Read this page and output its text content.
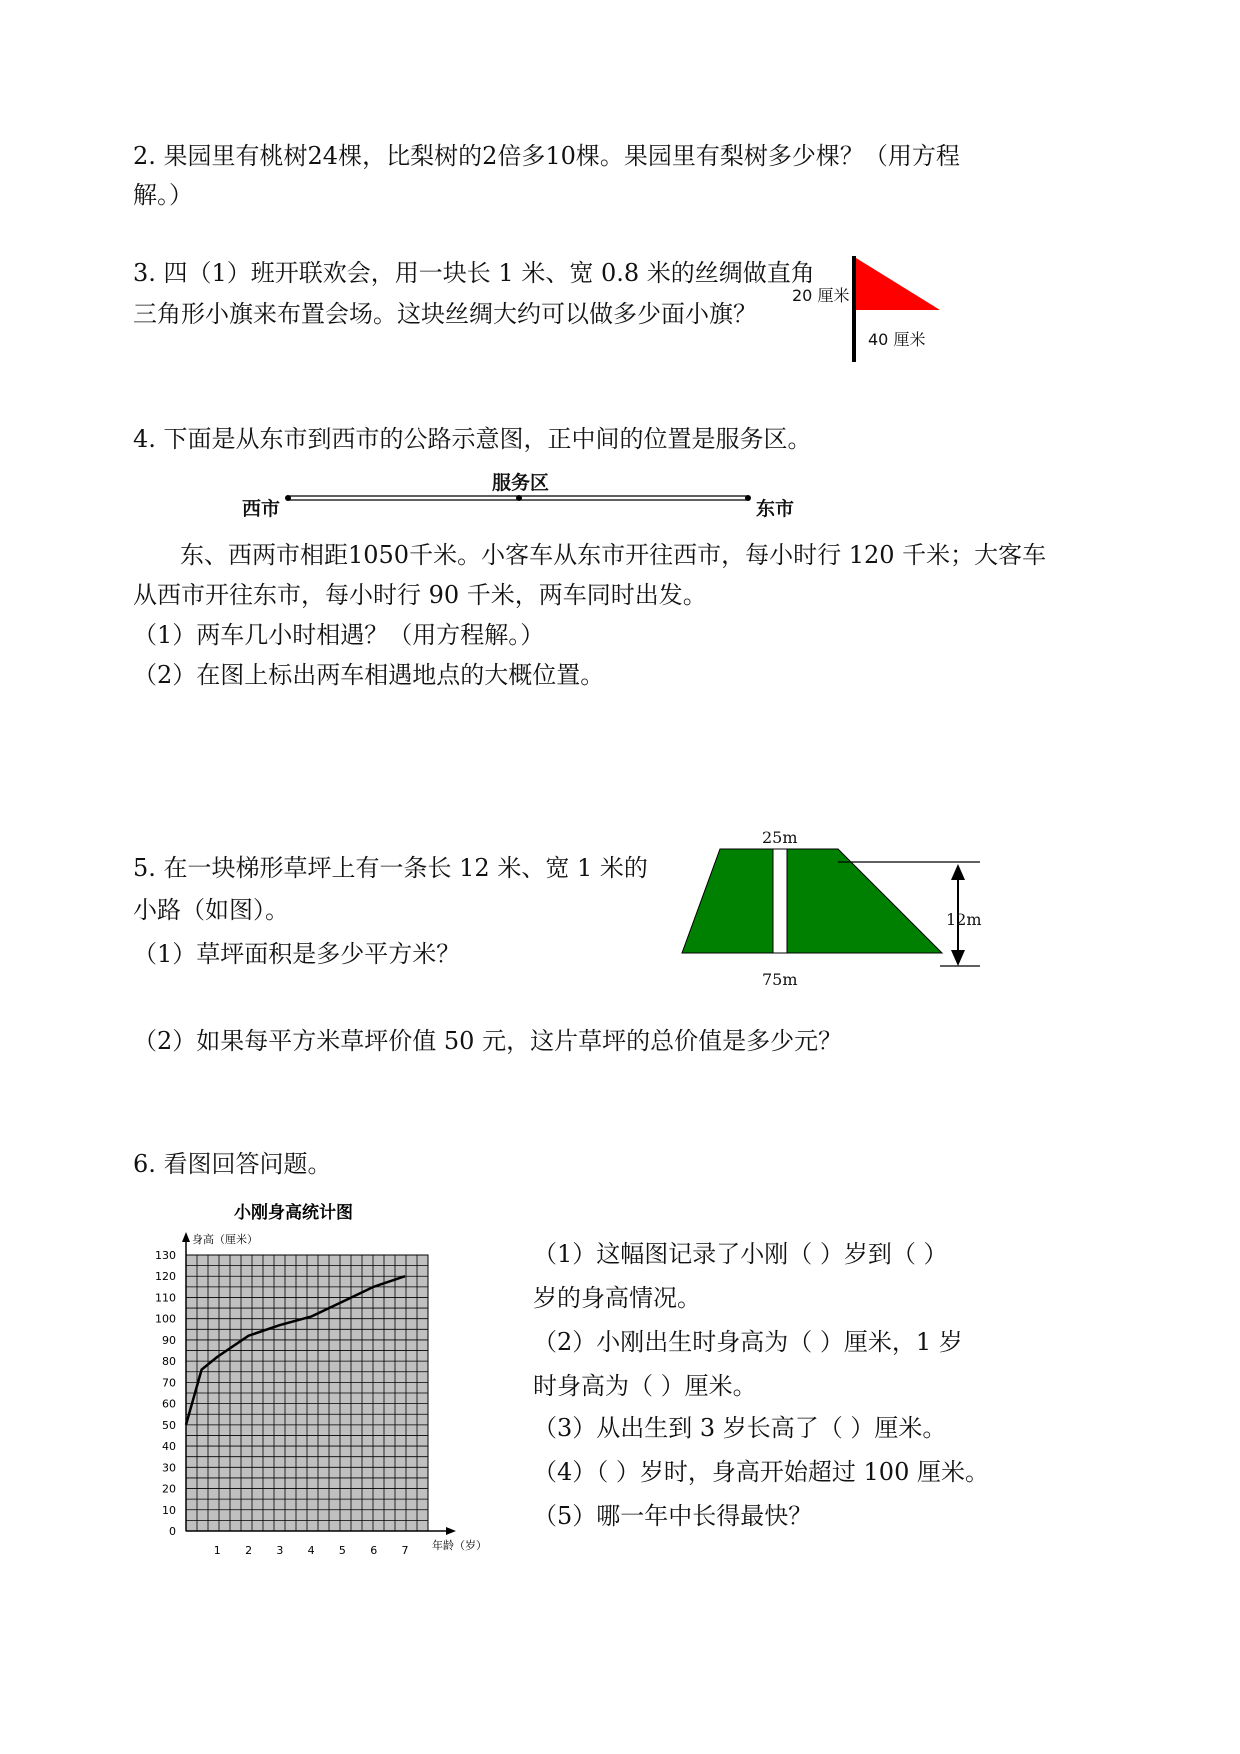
2. 果园里有桃树24棵，比梨树的2倍多10棵。果园里有梨树多少棵？（用方程
解。）
3. 四（1）班开联欢会，用一块长 1 米、宽 0.8 米的丝绸做直角
三角形小旗来布置会场。这块丝绸大约可以做多少面小旗？
20 厘米
40 厘米
4. 下面是从东市到西市的公路示意图，正中间的位置是服务区。
西市
服务区
东市
东、西两市相距1050千米。小客车从东市开往西市，每小时行 120 千米；大客车
从西市开往东市，每小时行 90 千米，两车同时出发。
（1）两车几小时相遇？（用方程解。）
（2）在图上标出两车相遇地点的大概位置。
5. 在一块梯形草坪上有一条长 12 米、宽 1 米的
小路（如图）。
（1）草坪面积是多少平方米？
（2）如果每平方米草坪价值 50 元，这片草坪的总价值是多少元？
25m
75m
12m
6. 看图回答问题。
小刚身高统计图
身高（厘米）
年龄（岁）
0
10
20
30
40
50
60
70
80
90
100
110
120
130
1 2 3 4 5 6 7
（1）这幅图记录了小刚（ ）岁到（ ）
岁的身高情况。
（2）小刚出生时身高为（ ）厘米，1 岁
时身高为（ ）厘米。
（3）从出生到 3 岁长高了（ ）厘米。
（4）（ ）岁时，身高开始超过 100 厘米。
（5）哪一年中长得最快？
